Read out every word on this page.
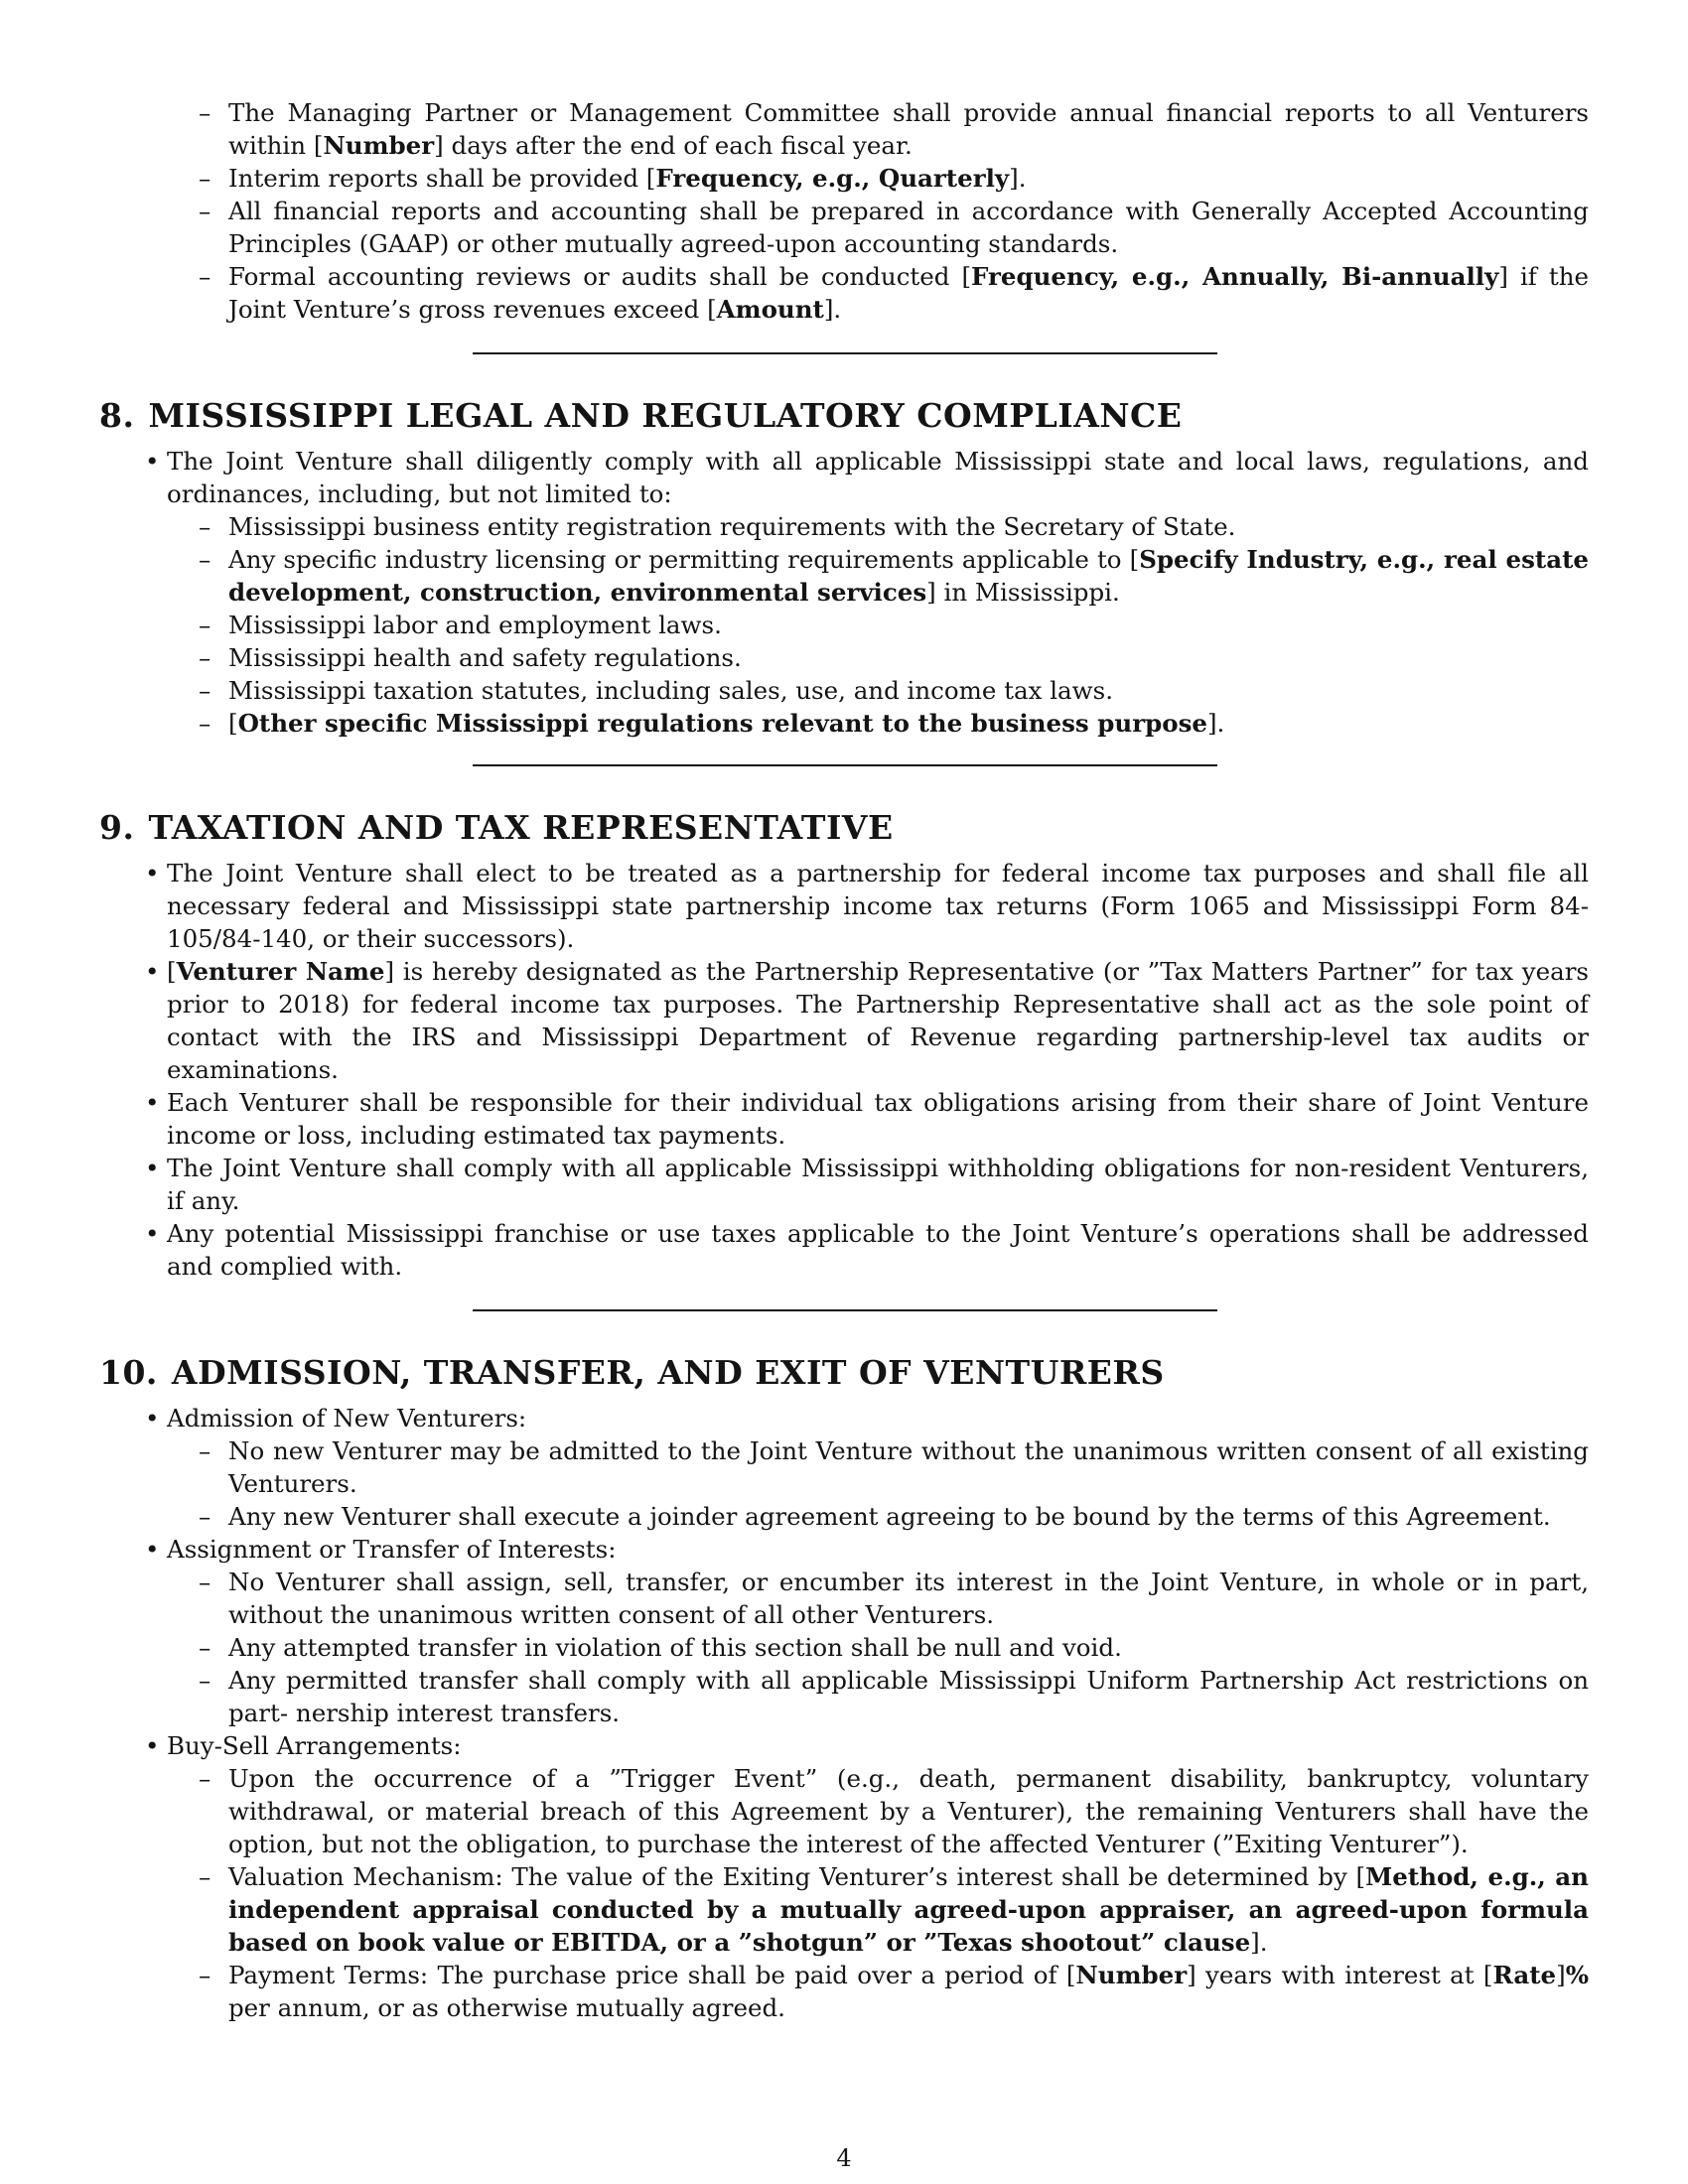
– The Managing Partner or Management Committee shall provide annual financial reports to all Venturers within [Number] days after the end of each fiscal year.
– Interim reports shall be provided [Frequency, e.g., Quarterly].
– All financial reports and accounting shall be prepared in accordance with Generally Accepted Accounting Principles (GAAP) or other mutually agreed-upon accounting standards.
– Formal accounting reviews or audits shall be conducted [Frequency, e.g., Annually, Bi-annually] if the Joint Venture’s gross revenues exceed [Amount].
8. MISSISSIPPI LEGAL AND REGULATORY COMPLIANCE
• The Joint Venture shall diligently comply with all applicable Mississippi state and local laws, regulations, and ordinances, including, but not limited to:
– Mississippi business entity registration requirements with the Secretary of State.
– Any specific industry licensing or permitting requirements applicable to [Specify Industry, e.g., real estate development, construction, environmental services] in Mississippi.
– Mississippi labor and employment laws.
– Mississippi health and safety regulations.
– Mississippi taxation statutes, including sales, use, and income tax laws.
– [Other specific Mississippi regulations relevant to the business purpose].
9. TAXATION AND TAX REPRESENTATIVE
• The Joint Venture shall elect to be treated as a partnership for federal income tax purposes and shall file all necessary federal and Mississippi state partnership income tax returns (Form 1065 and Mississippi Form 84-105/84-140, or their successors).
• [Venturer Name] is hereby designated as the Partnership Representative (or ”Tax Matters Partner” for tax years prior to 2018) for federal income tax purposes. The Partnership Representative shall act as the sole point of contact with the IRS and Mississippi Department of Revenue regarding partnership-level tax audits or examinations.
• Each Venturer shall be responsible for their individual tax obligations arising from their share of Joint Venture income or loss, including estimated tax payments.
• The Joint Venture shall comply with all applicable Mississippi withholding obligations for non-resident Venturers, if any.
• Any potential Mississippi franchise or use taxes applicable to the Joint Venture’s operations shall be addressed and complied with.
10. ADMISSION, TRANSFER, AND EXIT OF VENTURERS
• Admission of New Venturers:
– No new Venturer may be admitted to the Joint Venture without the unanimous written consent of all existing Venturers.
– Any new Venturer shall execute a joinder agreement agreeing to be bound by the terms of this Agreement.
• Assignment or Transfer of Interests:
– No Venturer shall assign, sell, transfer, or encumber its interest in the Joint Venture, in whole or in part, without the unanimous written consent of all other Venturers.
– Any attempted transfer in violation of this section shall be null and void.
– Any permitted transfer shall comply with all applicable Mississippi Uniform Partnership Act restrictions on part- nership interest transfers.
• Buy-Sell Arrangements:
– Upon the occurrence of a ”Trigger Event” (e.g., death, permanent disability, bankruptcy, voluntary withdrawal, or material breach of this Agreement by a Venturer), the remaining Venturers shall have the option, but not the obligation, to purchase the interest of the affected Venturer (”Exiting Venturer”).
– Valuation Mechanism: The value of the Exiting Venturer’s interest shall be determined by [Method, e.g., an independent appraisal conducted by a mutually agreed-upon appraiser, an agreed-upon formula based on book value or EBITDA, or a ”shotgun” or ”Texas shootout” clause].
– Payment Terms: The purchase price shall be paid over a period of [Number] years with interest at [Rate]% per annum, or as otherwise mutually agreed.
4
